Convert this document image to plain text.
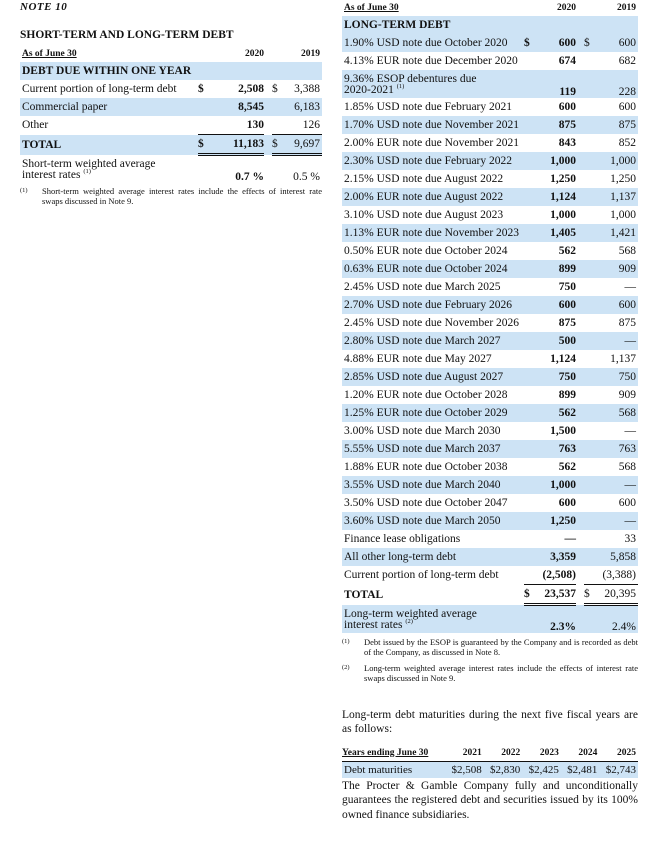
NOTE 10
SHORT-TERM AND LONG-TERM DEBT
As of June 30		2020			2019
DEBT DUE WITHIN ONE YEAR					
Current portion of long-term debt	$	2,508		$	3,388
Commercial paper		8,545			6,183
Other		130			126
TOTAL	$	11,183		$	9,697

Short-term weighted average
interest rates $^{(1)}$		0.7 %			0.5 %
(1)	Short-term weighted average interest rates include the effects of interest rate swaps discussed in Note 9.
As of June 30		2020			2019
LONG-TERM DEBT					
1.90% USD note due October 2020	$	600		$	600
4.13% EUR note due December 2020		674			682

9.36% ESOP debentures due
2020-2021 $^{(1)}$		119			228
1.85% USD note due February 2021		600			600
1.70% USD note due November 2021		875			875
2.00% EUR note due November 2021		843			852
2.30% USD note due February 2022		1,000			1,000
2.15% USD note due August 2022		1,250			1,250
2.00% EUR note due August 2022		1,124			1,137
3.10% USD note due August 2023		1,000			1,000
1.13% EUR note due November 2023		1,405			1,421
0.50% EUR note due October 2024		562			568
0.63% EUR note due October 2024		899			909
2.45% USD note due March 2025		750			—
2.70% USD note due February 2026		600			600
2.45% USD note due November 2026		875			875
2.80% USD note due March 2027		500			—
4.88% EUR note due May 2027		1,124			1,137
2.85% USD note due August 2027		750			750
1.20% EUR note due October 2028		899			909
1.25% EUR note due October 2029		562			568
3.00% USD note due March 2030		1,500			—
5.55% USD note due March 2037		763			763
1.88% EUR note due October 2038		562			568
3.55% USD note due March 2040		1,000			—
3.50% USD note due October 2047		600			600
3.60% USD note due March 2050		1,250			—
Finance lease obligations		—			33
All other long-term debt		3,359			5,858
Current portion of long-term debt		(2,508)			(3,388)
TOTAL	$	23,537		$	20,395

Long-term weighted average
interest rates $^{(2)}$		2.3%			2.4%
(1)	Debt issued by the ESOP is guaranteed by the Company and is recorded as debt of the Company, as discussed in Note 8.
(2)	Long-term weighted average interest rates include the effects of interest rate swaps discussed in Note 9.
Long-term debt maturities during the next five fiscal years are as follows:
Years ending June 30	2021	2022	2023	2024	2025
Debt maturities	$2,508	$2,830	$2,425	$2,481	$2,743
The Procter & Gamble Company fully and unconditionally guarantees the registered debt and securities issued by its 100% owned finance subsidiaries.
